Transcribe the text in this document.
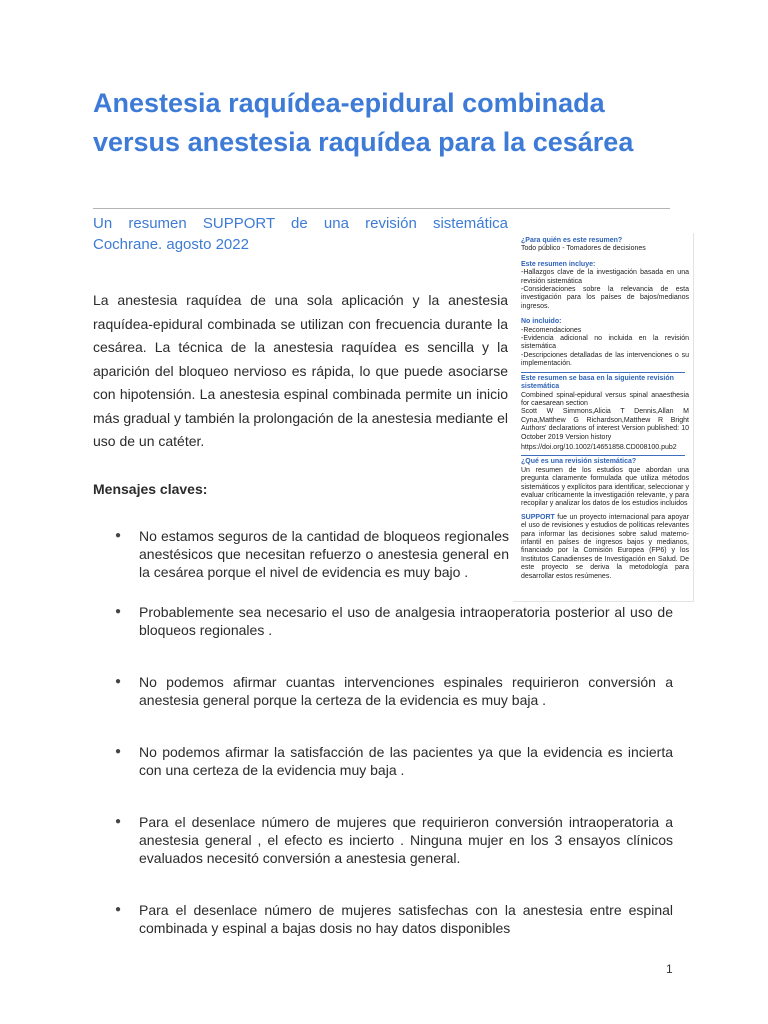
Anestesia raquídea‑epidural combinada versus anestesia raquídea para la cesárea
Un resumen SUPPORT de una revisión sistemática
Cochrane. agosto 2022

La anestesia raquídea de una sola aplicación y la anestesia raquídea‑epidural combinada se utilizan con frecuencia durante la cesárea. La técnica de la anestesia raquídea es sencilla y la aparición del bloqueo nervioso es rápida, lo que puede asociarse con hipotensión. La anestesia espinal combinada permite un inicio más gradual y también la prolongación de la anestesia mediante el uso de un catéter.

¿Para quién es este resumen?
Todo público - Tomadores de decisiones
Este resumen incluye:
-Hallazgos clave de la investigación basada en una revisión sistemática
-Consideraciones sobre la relevancia de esta investigación para los países de bajos/medianos ingresos.
No incluido:
-Recomendaciones
-Evidencia adicional no incluida en la revisión sistemática
-Descripciones detalladas de las intervenciones o su implementación.
Este resumen se basa en la siguiente revisión sistemática
Combined spinal‑epidural versus spinal anaesthesia for caesarean section
Scott W Simmons,Alicia T Dennis,Allan M Cyna,Matthew G Richardson,Matthew R Bright Authors' declarations of interest Version published: 10 October 2019 Version history
https://doi.org/10.1002/14651858.CD008100.pub2
¿Qué es una revisión sistemática?
Un resumen de los estudios que abordan una pregunta claramente formulada que utiliza métodos sistemáticos y explícitos para identificar, seleccionar y evaluar críticamente la investigación relevante, y para recopilar y analizar los datos de los estudios incluidos
SUPPORT fue un proyecto internacional para apoyar el uso de revisiones y estudios de políticas relevantes para informar las decisiones sobre salud materno-infantil en países de ingresos bajos y medianos, financiado por la Comisión Europea (FP6) y los Institutos Canadienses de Investigación en Salud. De este proyecto se deriva la metodología para desarrollar estos resúmenes.
Mensajes claves:
● No estamos seguros de la cantidad de bloqueos regionales anestésicos que necesitan refuerzo o anestesia general en la cesárea porque el nivel de evidencia es muy bajo .
● Probablemente sea necesario el uso de analgesia intraoperatoria posterior al uso de bloqueos regionales .
● No podemos afirmar cuantas intervenciones espinales requirieron conversión a anestesia general porque la certeza de la evidencia es muy baja .
● No podemos afirmar la satisfacción de las pacientes ya que la evidencia es incierta con una certeza de la evidencia muy baja .
● Para el desenlace número de mujeres que requirieron conversión intraoperatoria a anestesia general , el efecto es incierto . Ninguna mujer en los 3 ensayos clínicos evaluados necesitó conversión a anestesia general.
● Para el desenlace número de mujeres satisfechas con la anestesia entre espinal combinada y espinal a bajas dosis no hay datos disponibles
1
